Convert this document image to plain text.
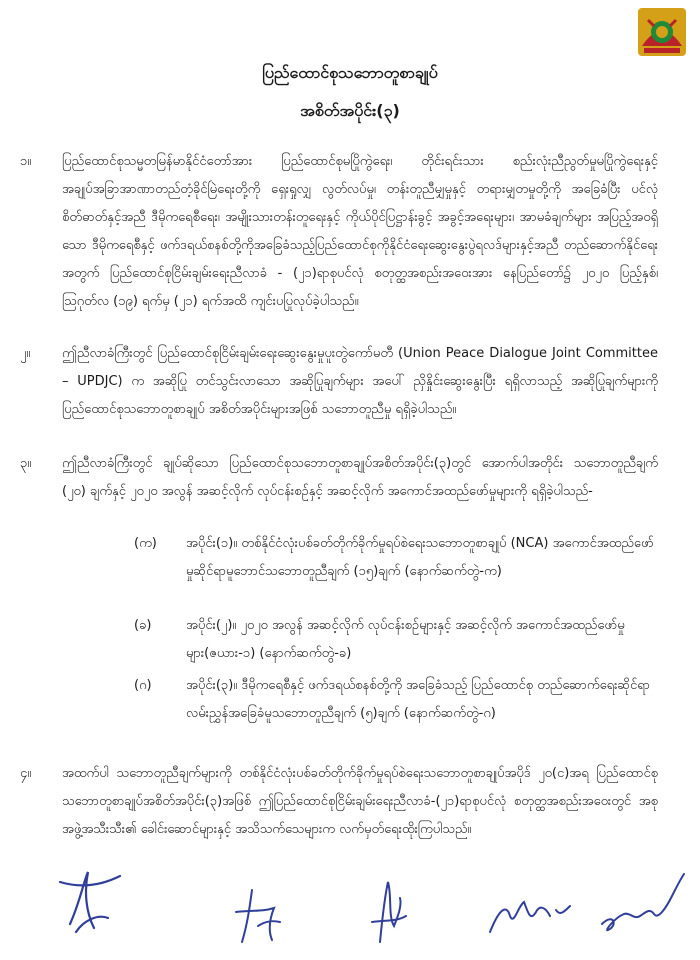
ပြည်ထောင်စုသဘောတူစာချုပ်
အစိတ်အပိုင်း(၃)
၁။ ပြည်ထောင်စုသမ္မတမြန်မာနိုင်ငံတော်အား ပြည်ထောင်စုမပြိုကွဲရေး၊ တိုင်းရင်းသား စည်းလုံးညီညွတ်မှုမပြိုကွဲရေးနှင့် အချုပ်အခြာအာဏာတည်တံ့ခိုင်မြဲရေးတို့ကို ရှေးရှုလျှ လွတ်လပ်မှု၊ တန်းတူညီမျှမှုနှင့် တရားမျှတမှုတို့ကို အခြေခံပြီး ပင်လုံစိတ်ဓာတ်နှင့်အညီ ဒီမိုကရေစီရေး၊ အမျိုးသားတန်းတူရေးနှင့် ကိုယ်ပိုင်ပြဋ္ဌာန်းခွင့် အခွင့်အရေးများ၊ အာမခံချက်များ အပြည့်အဝရှိသော ဒီမိုကရေစီနှင့် ဖက်ဒရယ်စနစ်တို့ကိုအခြေခံသည့်ပြည်ထောင်စုကိုနိုင်ငံရေးဆွေးနွေးပွဲရလဒ်များနှင့်အညီ တည်ဆောက်နိုင်ရေးအတွက် ပြည်ထောင်စုငြိမ်းချမ်းရေးညီလာခံ - (၂၁)ရာစုပင်လုံ စတုတ္ထအစည်းအဝေးအား နေပြည်တော်၌ ၂၀၂၀ ပြည့်နှစ်၊ ဩဂုတ်လ (၁၉) ရက်မှ (၂၁) ရက်အထိ ကျင်းပပြုလုပ်ခဲ့ပါသည်။
၂။ ဤညီလာခံကြီးတွင် ပြည်ထောင်စုငြိမ်းချမ်းရေးဆွေးနွေးမှုပူးတွဲကော်မတီ (Union Peace Dialogue Joint Committee – UPDJC) က အဆိုပြု တင်သွင်းလာသော အဆိုပြုချက်များ အပေါ် ညှိနှိုင်းဆွေးနွေးပြီး ရရှိလာသည့် အဆိုပြုချက်များကို ပြည်ထောင်စုသဘောတူစာချုပ် အစိတ်အပိုင်းများအဖြစ် သဘောတူညီမှု ရရှိခဲ့ပါသည်။
၃။ ဤညီလာခံကြီးတွင် ချုပ်ဆိုသော ပြည်ထောင်စုသဘောတူစာချုပ်အစိတ်အပိုင်း(၃)တွင် အောက်ပါအတိုင်း သဘောတူညီချက် (၂၀) ချက်နှင့် ၂၀၂၀ အလွန် အဆင့်လိုက် လုပ်ငန်းစဉ်နှင့် အဆင့်လိုက် အကောင်အထည်ဖော်မှုများကို ရရှိခဲ့ပါသည်-
(က) အပိုင်း(၁)။ တစ်နိုင်ငံလုံးပစ်ခတ်တိုက်ခိုက်မှုရပ်စဲရေးသဘောတူစာချုပ် (NCA) အကောင်အထည်ဖော်မှုဆိုင်ရာမူဘောင်သဘောတူညီချက် (၁၅)ချက် (နောက်ဆက်တွဲ-က)
(ခ)	အပိုင်း(၂)။ ၂၀၂၀ အလွန် အဆင့်လိုက် လုပ်ငန်းစဉ်များနှင့် အဆင့်လိုက် အကောင်အထည်ဖော်မှုများ(ဇယား-၁) (နောက်ဆက်တွဲ-ခ)
(ဂ)	အပိုင်း(၃)။ ဒီမိုကရေစီနှင့် ဖက်ဒရယ်စနစ်တို့ကို အခြေခံသည့် ပြည်ထောင်စု တည်ဆောက်ရေးဆိုင်ရာ လမ်းညွှန်အခြေခံမူသဘောတူညီချက် (၅)ချက် (နောက်ဆက်တွဲ-ဂ)
၄။ အထက်ပါ သဘောတူညီချက်များကို တစ်နိုင်ငံလုံးပစ်ခတ်တိုက်ခိုက်မှုရပ်စဲရေးသဘောတူစာချုပ်အပိုဒ် ၂၀(င)အရ ပြည်ထောင်စုသဘောတူစာချုပ်အစိတ်အပိုင်း(၃)အဖြစ် ဤပြည်ထောင်စုငြိမ်းချမ်းရေးညီလာခံ-(၂၁)ရာစုပင်လုံ စတုတ္ထအစည်းအဝေးတွင် အစုအဖွဲ့အသီးသီး၏ ခေါင်းဆောင်များနှင့် အသိသက်သေများက လက်မှတ်ရေးထိုးကြပါသည်။
